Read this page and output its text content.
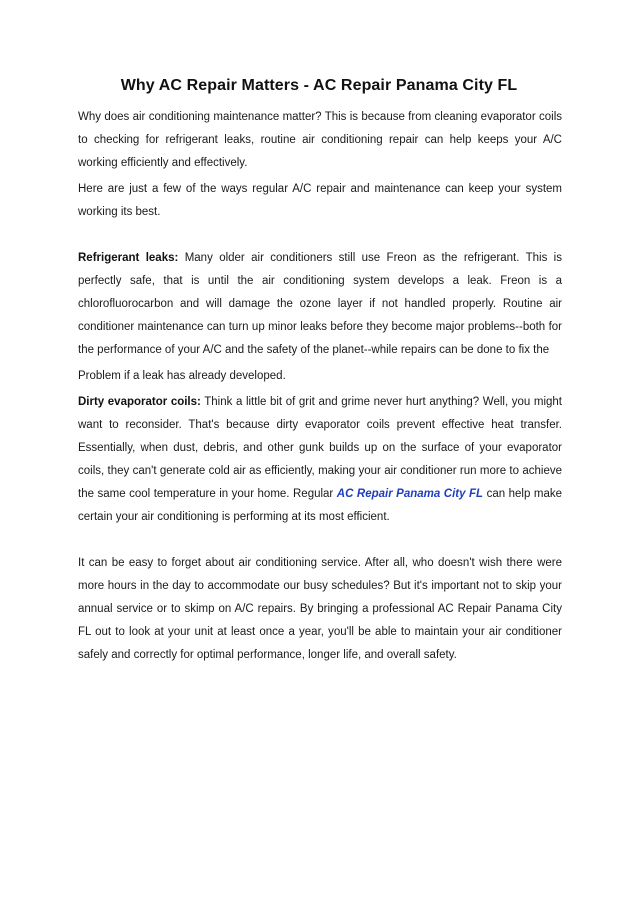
Why AC Repair Matters - AC Repair Panama City FL

Why does air conditioning maintenance matter? This is because from cleaning evaporator coils to checking for refrigerant leaks, routine air conditioning repair can help keeps your A/C working efficiently and effectively.

Here are just a few of the ways regular A/C repair and maintenance can keep your system working its best.

Refrigerant leaks: Many older air conditioners still use Freon as the refrigerant. This is perfectly safe, that is until the air conditioning system develops a leak. Freon is a chlorofluorocarbon and will damage the ozone layer if not handled properly. Routine air conditioner maintenance can turn up minor leaks before they become major problems--both for the performance of your A/C and the safety of the planet--while repairs can be done to fix the

Problem if a leak has already developed.

Dirty evaporator coils: Think a little bit of grit and grime never hurt anything? Well, you might want to reconsider. That's because dirty evaporator coils prevent effective heat transfer. Essentially, when dust, debris, and other gunk builds up on the surface of your evaporator coils, they can't generate cold air as efficiently, making your air conditioner run more to achieve the same cool temperature in your home. Regular AC Repair Panama City FL can help make certain your air conditioning is performing at its most efficient.

It can be easy to forget about air conditioning service. After all, who doesn't wish there were more hours in the day to accommodate our busy schedules? But it's important not to skip your annual service or to skimp on A/C repairs. By bringing a professional AC Repair Panama City FL out to look at your unit at least once a year, you'll be able to maintain your air conditioner safely and correctly for optimal performance, longer life, and overall safety.
